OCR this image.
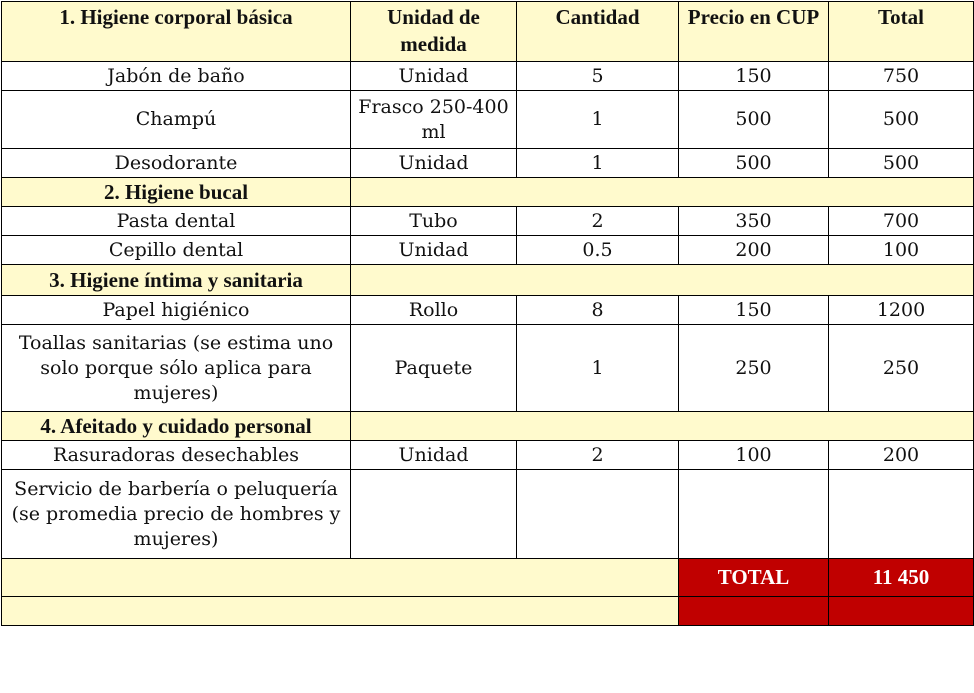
1. Higiene corporal básica	Unidad de medida	Cantidad	Precio en CUP	Total
Jabón de baño	Unidad	5	150	750
Champú	Frasco 250-400 ml	1	500	500
Desodorante	Unidad	1	500	500
2. Higiene bucal				
Pasta dental	Tubo	2	350	700
Cepillo dental	Unidad	0.5	200	100
3. Higiene íntima y sanitaria				
Papel higiénico	Rollo	8	150	1200
Toallas sanitarias (se estima uno solo porque sólo aplica para mujeres)	Paquete	1	250	250
4. Afeitado y cuidado personal				
Rasuradoras desechables	Unidad	2	100	200
Servicio de barbería o peluquería (se promedia precio de hombres y mujeres)				
			TOTAL	11 450
